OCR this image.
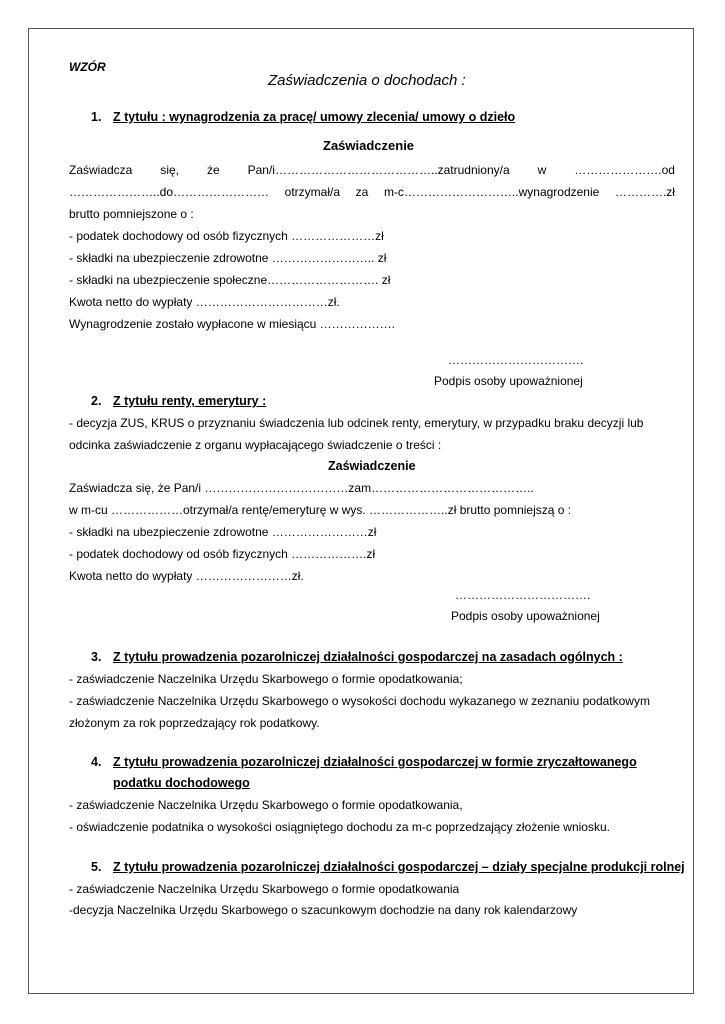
WZÓR
Zaświadczenia o dochodach :
1. Z tytułu : wynagrodzenia za pracę/ umowy zlecenia/ umowy o dzieło
Zaświadczenie
Zaświadcza się, że Pan/i…………………………………..zatrudniony/a w ………………….od
…………………..do…………………… otrzymał/a za m-c………………………..wynagrodzenie ………….zł
brutto pomniejszone o :
- podatek dochodowy od osób fizycznych …………………zł
- składki na ubezpieczenie zdrowotne …………………….. zł
- składki na ubezpieczenie społeczne………………………. zł
Kwota netto do wypłaty ……………………………zł.
Wynagrodzenie zostało wypłacone w miesiącu ……………….
…………………………….
Podpis osoby upoważnionej
2. Z tytułu renty, emerytury :
- decyzja ZUS, KRUS o przyznaniu świadczenia lub odcinek renty, emerytury, w przypadku braku decyzji lub
odcinka zaświadczenie z organu wypłacającego świadczenie o treści :
Zaświadczenie
Zaświadcza się, że Pan/i ………………………………zam…………………………………..
w m-cu ………………otrzymał/a rentę/emeryturę w wys. ………………..zł brutto pomniejszą o :
- składki na ubezpieczenie zdrowotne ……………………zł
- podatek dochodowy od osób fizycznych ……………….zł
Kwota netto do wypłaty ……………………zł.
…………………………….
Podpis osoby upoważnionej
3. Z tytułu prowadzenia pozarolniczej działalności gospodarczej na zasadach ogólnych :
- zaświadczenie Naczelnika Urzędu Skarbowego o formie opodatkowania;
- zaświadczenie Naczelnika Urzędu Skarbowego o wysokości dochodu wykazanego w zeznaniu podatkowym
złożonym za rok poprzedzający rok podatkowy.
4. Z tytułu prowadzenia pozarolniczej działalności gospodarczej w formie zryczałtowanego
podatku dochodowego
- zaświadczenie Naczelnika Urzędu Skarbowego o formie opodatkowania,
- oświadczenie podatnika o wysokości osiągniętego dochodu za m-c poprzedzający złożenie wniosku.
5. Z tytułu prowadzenia pozarolniczej działalności gospodarczej – działy specjalne produkcji rolnej
- zaświadczenie Naczelnika Urzędu Skarbowego o formie opodatkowania
-decyzja Naczelnika Urzędu Skarbowego o szacunkowym dochodzie na dany rok kalendarzowy
